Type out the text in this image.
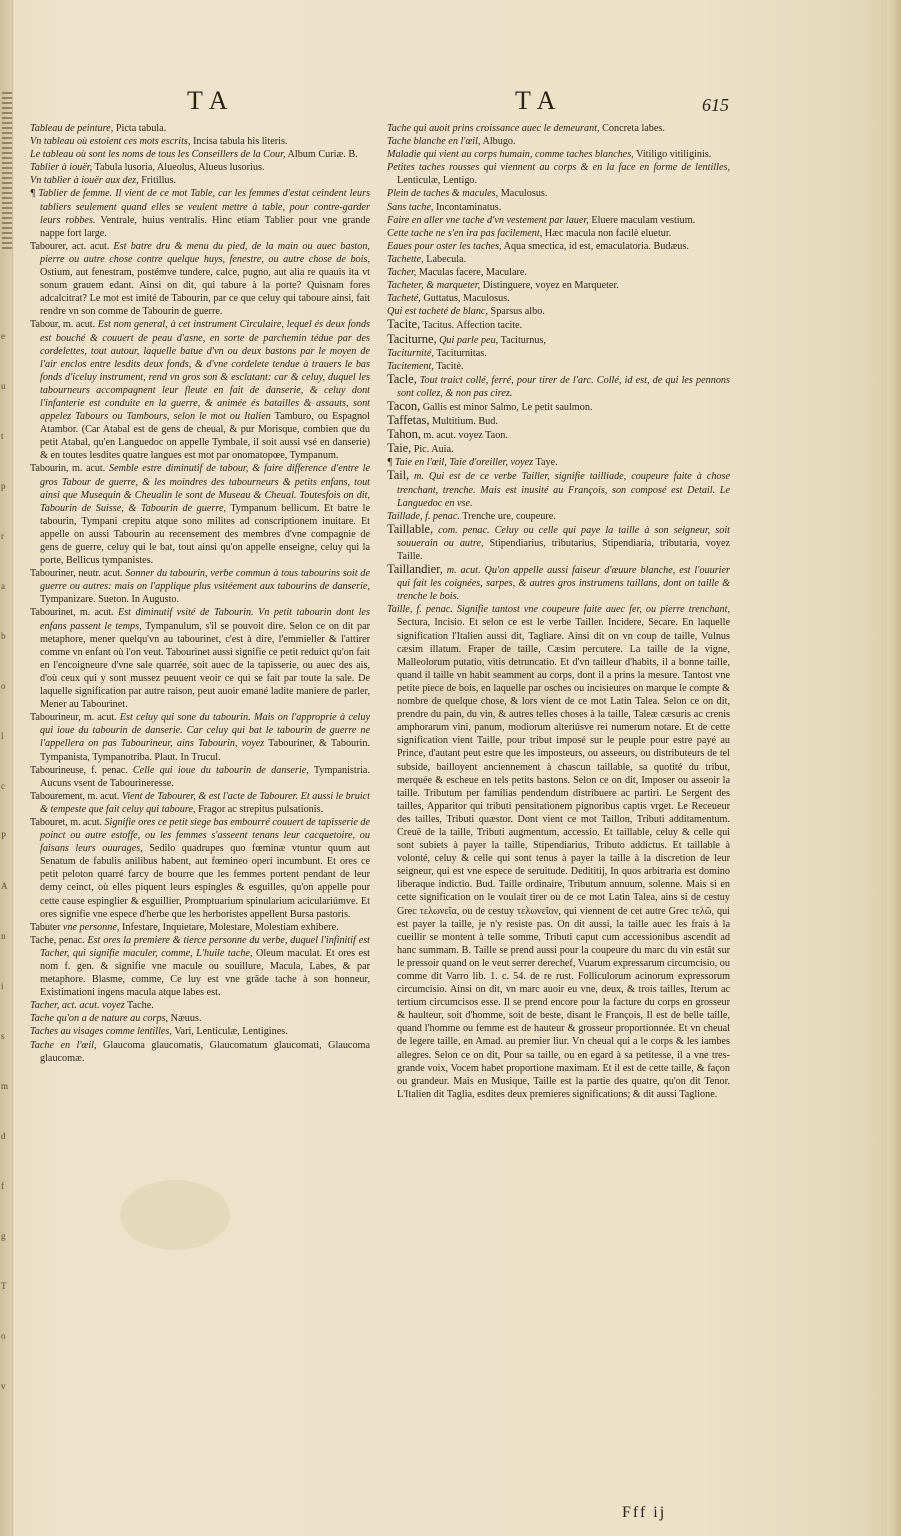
e
u
t
p
r
a
b
o
l
c
P
A
n
i
s
m
d
f
g
T
o
v
TA	TA	615

Tableau de peinture, Picta tabula.

Vn tableau où estoient ces mots escrits, Incisa tabula his literis.

Le tableau où sont les noms de tous les Conseillers de la Cour, Album Curiæ. B.

Tablier à iouër, Tabula lusoria, Alueolus, Alueus lusorius.

Vn tablier à iouër aux dez, Fritillus.

¶ Tablier de femme. Il vient de ce mot Table, car les femmes d'estat ceindent leurs tabliers seulement quand elles se veulent mettre à table, pour contre-garder leurs robbes. Ventrale, huius ventralis. Hinc etiam Tablier pour vne grande nappe fort large.

Tabourer, act. acut. Est batre dru & menu du pied, de la main ou auec baston, pierre ou autre chose contre quelque huys, fenestre, ou autre chose de bois, Ostium, aut fenestram, postémve tundere, calce, pugno, aut alia re quauis ita vt sonum grauem edant. Ainsi on dit, qui tabure à la porte? Quisnam fores adcalcitrat? Le mot est imité de Tabourin, par ce que celuy qui taboure ainsi, fait rendre vn son comme de Tabourin de guerre.

Tabour, m. acut. Est nom general, à cet instrument Circulaire, lequel és deux fonds est bouché & couuert de peau d'asne, en sorte de parchemin tédue par des cordelettes, tout autour, laquelle batue d'vn ou deux bastons par le moyen de l'air enclos entre lesdits deux fonds, & d'vne cordelete tendue à trauers le bas fonds d'iceluy instrument, rend vn gros son & esclatant: car & celuy, duquel les tabourneurs accompagnent leur fleute en fait de danserie, & celuy dont l'infanterie est conduite en la guerre, & animée és batailles & assauts, sont appelez Tabours ou Tambours, selon le mot ou Italien Tamburo, ou Espagnol Atambor. (Car Atabal est de gens de cheual, & pur Morisque, combien que du petit Atabal, qu'en Languedoc on appelle Tymbale, il soit aussi vsé en danserie) & en toutes lesdites quatre langues est mot par onomatopœe, Tympanum.

Tabourin, m. acut. Semble estre diminutif de tabour, & faire difference d'entre le gros Tabour de guerre, & les moindres des tabourneurs & petits enfans, tout ainsi que Musequin & Cheualin le sont de Museau & Cheual. Toutesfois on dit, Tabourin de Suisse, & Tabourin de guerre, Tympanum bellicum. Et batre le tabourin, Tympani crepitu atque sono milites ad conscriptionem inuitare. Et appelle on aussi Tabourin au recensement des membres d'vne compagnie de gens de guerre, celuy qui le bat, tout ainsi qu'on appelle enseigne, celuy qui la porte, Bellicus tympanistes.

Tabouriner, neutr. acut. Sonner du tabourin, verbe commun à tous tabourins soit de guerre ou autres: mais on l'applique plus vsitéement aux tabourins de danserie, Tympanizare. Sueton. In Augusto.

Tabourinet, m. acut. Est diminutif vsité de Tabourin. Vn petit tabourin dont les enfans passent le temps, Tympanulum, s'il se pouvoit dire. Selon ce on dit par metaphore, mener quelqu'vn au tabourinet, c'est à dire, l'emmieller & l'attirer comme vn enfant où l'on veut. Tabourinet aussi signifie ce petit reduict qu'on fait en l'encoigneure d'vne sale quarrée, soit auec de la tapisserie, ou auec des ais, d'où ceux qui y sont mussez peuuent veoir ce qui se fait par toute la sale. De laquelle signification par autre raison, peut auoir emané ladite maniere de parler, Mener au Tabourinet.

Tabourineur, m. acut. Est celuy qui sone du tabourin. Mais on l'approprie à celuy qui ioue du tabourin de danserie. Car celuy qui bat le tabourin de guerre ne l'appellera on pas Tabourineur, ains Tabourin, voyez Tabouriner, & Tabourin. Tympanista, Tympanotriba. Plaut. In Trucul.

Tabourineuse, f. penac. Celle qui ioue du tabourin de danserie, Tympanistria. Aucuns vsent de Tabourineresse.

Tabourement, m. acut. Vient de Tabourer, & est l'acte de Tabourer. Et aussi le bruict & tempeste que fait celuy qui taboure, Fragor ac strepitus pulsationis.

Tabouret, m. acut. Signifie ores ce petit siege bas embourré couuert de tapisserie de poinct ou autre estoffe, ou les femmes s'asseent tenans leur cacquetoire, ou faisans leurs ouurages, Sedilo quadrupes quo fœminæ vtuntur quum aut Senatum de fabulis anilibus habent, aut fœmineo operi incumbunt. Et ores ce petit peloton quarré farcy de bourre que les femmes portent pendant de leur demy ceinct, où elles piquent leurs espingles & esguilles, qu'on appelle pour cette cause espinglier & esguillier, Promptuarium spinularium aciculariúmve. Et ores signifie vne espece d'herbe que les herboristes appellent Bursa pastoris.

Tabuter vne personne, Infestare, Inquietare, Molestare, Molestiam exhibere.

Tache, penac. Est ores la premiere & tierce personne du verbe, duquel l'infinitif est Tacher, qui signifie maculer, comme, L'huile tache, Oleum maculat. Et ores est nom f. gen. & signifie vne macule ou souillure, Macula, Labes, & par metaphore. Blasme, comme, Ce luy est vne grãde tache à son honneur, Existimationi ingens macula atque labes est.

Tacher, act. acut. voyez Tache.

Tache qu'on a de nature au corps, Næuus.

Taches au visages comme lentilles, Vari, Lenticulæ, Lentigines.

Tache en l'œil, Glaucoma glaucomatis, Glaucomatum glaucomati, Glaucoma glaucomæ.

Tache qui auoit prins croissance auec le demeurant, Concreta labes.

Tache blanche en l'œil, Albugo.

Maladie qui vient au corps humain, comme taches blanches, Vitiligo vitiliginis.

Petites taches rousses qui viennent au corps & en la face en forme de lentilles, Lenticulæ, Lentigo.

Plein de taches & macules, Maculosus.

Sans tache, Incontaminatus.

Faire en aller vne tache d'vn vestement par lauer, Eluere maculam vestium.

Cette tache ne s'en ira pas facilement, Hæc macula non facilè eluetur.

Eaues pour oster les taches, Aqua smectica, id est, emaculatoria. Budæus.

Tachette, Labecula.

Tacher, Maculas facere, Maculare.

Tacheter, & marqueter, Distinguere, voyez en Marqueter.

Tacheté, Guttatus, Maculosus.

Qui est tacheté de blanc, Sparsus albo.

Tacite, Tacitus. Affection tacite.

Taciturne, Qui parle peu, Taciturnus,

Taciturnité, Taciturnitas.

Tacitement, Tacitè.

Tacle, Tout traict collé, ferré, pour tirer de l'arc. Collé, id est, de qui les pennons sont collez, & non pas cirez.

Tacon, Gallis est minor Salmo, Le petit saulmon.

Taffetas, Multitium. Bud.

Tahon, m. acut. voyez Taon.

Taie, Pic. Auia.

¶ Taie en l'œil, Taie d'oreiller, voyez Taye.

Tail, m. Qui est de ce verbe Tailler, signifie tailliade, coupeure faite à chose trenchant, trenche. Mais est inusité au François, son composé est Detail. Le Languedoc en vse.

Taillade, f. penac. Trenche ure, coupeure.

Taillable, com. penac. Celuy ou celle qui paye la taille à son seigneur, soit souuerain ou autre, Stipendiarius, tributarius, Stipendiaria, tributaria, voyez Taille.

Taillandier, m. acut. Qu'on appelle aussi faiseur d'œuure blanche, est l'ouurier qui fait les coignées, sarpes, & autres gros instrumens taillans, dont on taille & trenche le bois.

Taille, f. penac. Signifie tantost vne coupeure faite auec fer, ou pierre trenchant, Sectura, Incisio. Et selon ce est le verbe Tailler. Incidere, Secare. En laquelle signification l'Italien aussi dit, Tagliare. Ainsi dit on vn coup de taille, Vulnus cæsim illatum. Fraper de taille, Cæsim percutere. La taille de la vigne, Malleolorum putatio, vitis detruncatio. Et d'vn tailleur d'habits, il a bonne taille, quand il taille vn habit seamment au corps, dont il a prins la mesure. Tantost vne petite piece de bois, en laquelle par osches ou incisieures on marque le compte & nombre de quelque chose, & lors vient de ce mot Latin Talea. Selon ce on dit, prendre du pain, du vin, & autres telles choses à la taille, Taleæ cæsuris ac crenis amphorarum vini, panum, modiorum alteriúsve rei numerum notare. Et de cette signification vient Taille, pour tribut imposé sur le peuple pour estre payé au Prince, d'autant peut estre que les imposteurs, ou asseeurs, ou distributeurs de tel subside, bailloyent anciennement à chascun taillable, sa quotité du tribut, merquée & escheue en tels petits bastons. Selon ce on dit, Imposer ou asseoir la taille. Tributum per familias pendendum distribuere ac partiri. Le Sergent des tailles, Apparitor qui tributi pensitationem pignoribus captis vrget. Le Receueur des tailles, Tributi quæstor. Dont vient ce mot Taillon, Tributi additamentum. Creuë de la taille, Tributi augmentum, accessio. Et taillable, celuy & celle qui sont subiets à payer la taille, Stipendiarius, Tributo addictus. Et taillable à volonté, celuy & celle qui sont tenus à payer la taille à la discretion de leur seigneur, qui est vne espece de seruitude. Dedititij, In quos arbitraria est domino liberaque indictio. Bud. Taille ordinaire, Tributum annuum, solenne. Mais si en cette signification on le voulait tirer ou de ce mot Latin Talea, ains si de cestuy Grec τελωνεῖα, ou de cestuy τελωνεῖον, qui viennent de cet autre Grec τελῶ, qui est payer la taille, je n'y resiste pas. On dit aussi, la taille auec les frais à la cueillir se montent à telle somme, Tributi caput cum accessionibus ascendit ad hanc summam. B. Taille se prend aussi pour la coupeure du marc du vin estãt sur le pressoir quand on le veut serrer derechef, Vuarum expressarum circumcisio, ou comme dit Varro lib. 1. c. 54. de re rust. Folliculorum acinorum expressorum circumcisio. Ainsi on dit, vn marc auoir eu vne, deux, & trois tailles, Iterum ac tertium circumcisos esse. Il se prend encore pour la facture du corps en grosseur & haulteur, soit d'homme, soit de beste, disant le François, Il est de belle taille, quand l'homme ou femme est de hauteur & grosseur proportionnée. Et vn cheual de legere taille, en Amad. au premier liur. Vn cheual qui a le corps & les iambes allegres. Selon ce on dit, Pour sa taille, ou en egard à sa petitesse, il a vne tres-grande voix, Vocem habet proportione maximam. Et il est de cette taille, & façon ou grandeur. Mais en Musique, Taille est la partie des quatre, qu'on dit Tenor. L'Italien dit Taglia, esdites deux premieres significations; & dit aussi Taglione.

Fff ij
